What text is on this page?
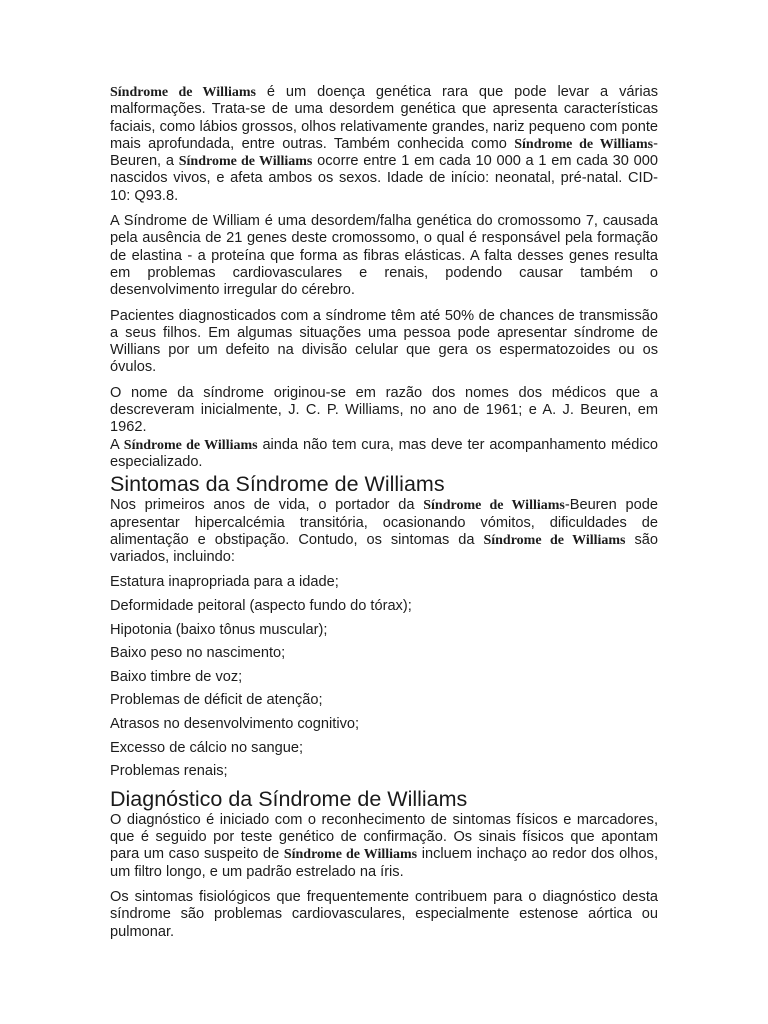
Síndrome de Williams é um doença genética rara que pode levar a várias malformações. Trata-se de uma desordem genética que apresenta características faciais, como lábios grossos, olhos relativamente grandes, nariz pequeno com ponte mais aprofundada, entre outras. Também conhecida como Síndrome de Williams-Beuren, a Síndrome de Williams ocorre entre 1 em cada 10 000 a 1 em cada 30 000 nascidos vivos, e afeta ambos os sexos. Idade de início: neonatal, pré-natal. CID-10: Q93.8.

A Síndrome de William é uma desordem/falha genética do cromossomo 7, causada pela ausência de 21 genes deste cromossomo, o qual é responsável pela formação de elastina - a proteína que forma as fibras elásticas. A falta desses genes resulta em problemas cardiovasculares e renais, podendo causar também o desenvolvimento irregular do cérebro.

Pacientes diagnosticados com a síndrome têm até 50% de chances de transmissão a seus filhos. Em algumas situações uma pessoa pode apresentar síndrome de Willians por um defeito na divisão celular que gera os espermatozoides ou os óvulos.

O nome da síndrome originou-se em razão dos nomes dos médicos que a descreveram inicialmente, J. C. P. Williams, no ano de 1961; e A. J. Beuren, em 1962.

A Síndrome de Williams ainda não tem cura, mas deve ter acompanhamento médico especializado.

Sintomas da Síndrome de Williams

Nos primeiros anos de vida, o portador da Síndrome de Williams-Beuren pode apresentar hipercalcémia transitória, ocasionando vómitos, dificuldades de alimentação e obstipação. Contudo, os sintomas da Síndrome de Williams são variados, incluindo:

Estatura inapropriada para a idade;

Deformidade peitoral (aspecto fundo do tórax);

Hipotonia (baixo tônus muscular);

Baixo peso no nascimento;

Baixo timbre de voz;

Problemas de déficit de atenção;

Atrasos no desenvolvimento cognitivo;

Excesso de cálcio no sangue;

Problemas renais;

Diagnóstico da Síndrome de Williams

O diagnóstico é iniciado com o reconhecimento de sintomas físicos e marcadores, que é seguido por teste genético de confirmação. Os sinais físicos que apontam para um caso suspeito de Síndrome de Williams incluem inchaço ao redor dos olhos, um filtro longo, e um padrão estrelado na íris.

Os sintomas fisiológicos que frequentemente contribuem para o diagnóstico desta síndrome são problemas cardiovasculares, especialmente estenose aórtica ou pulmonar.
